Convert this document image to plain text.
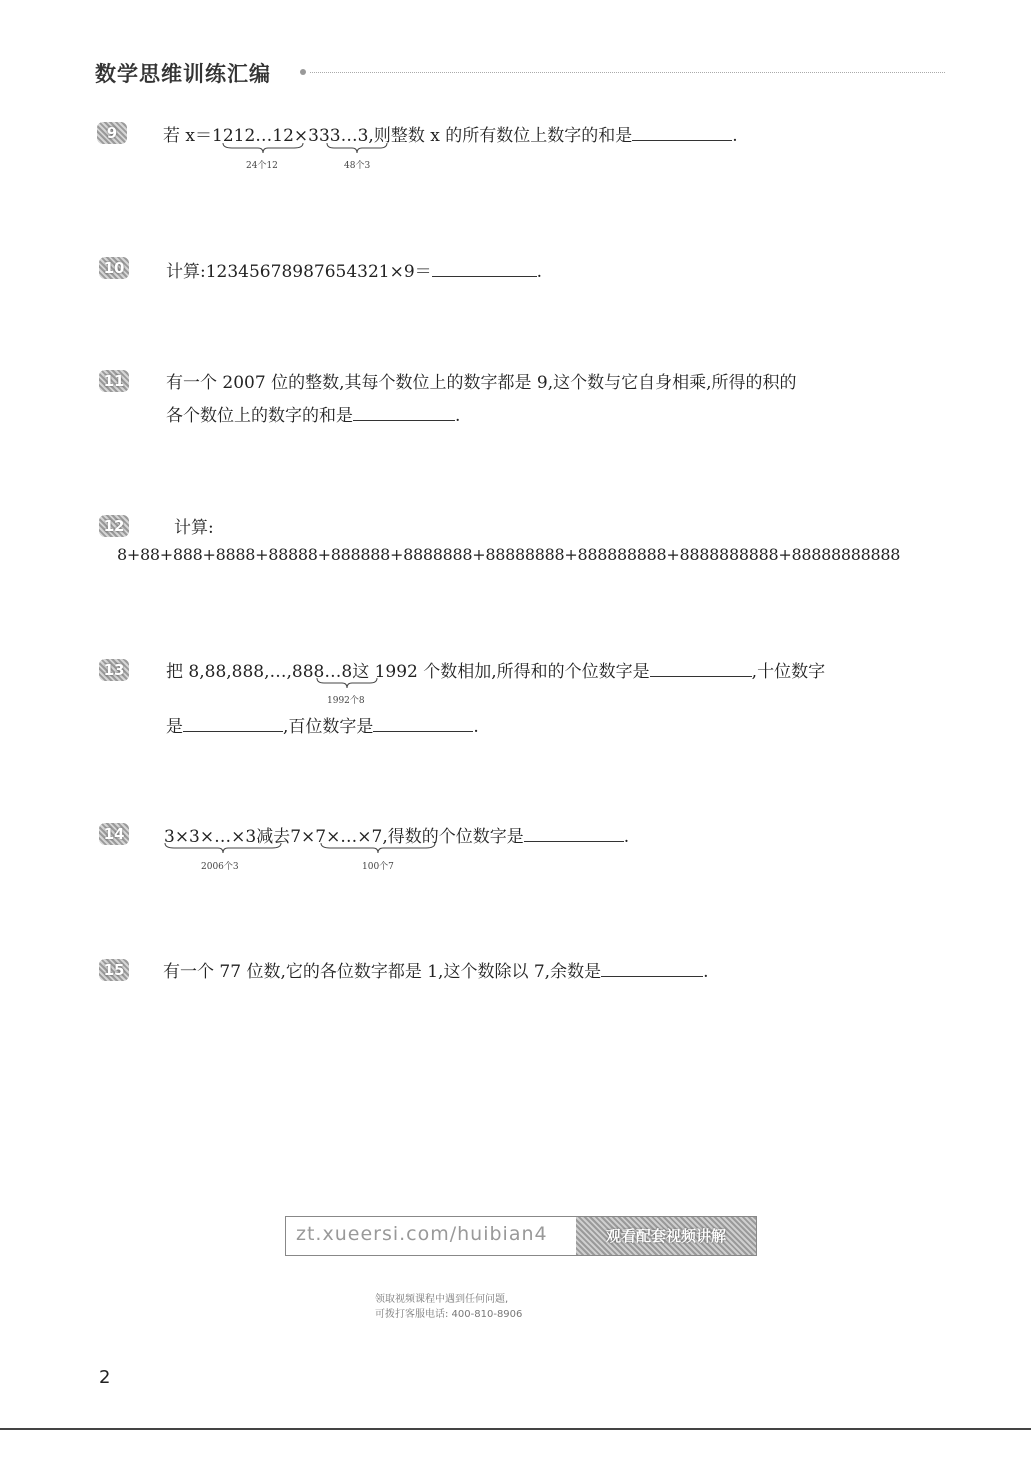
数学思维训练汇编
9	若 x＝1212…12×333…3,则整数 x 的所有数位上数字的和是	.
24个12	48个3
10 计算:12345678987654321×9＝	.
11 有一个 2007 位的整数,其每个数位上的数字都是 9,这个数与它自身相乘,所得的积的
各个数位上的数字的和是	.
12	计算:
8+88+888+8888+88888+888888+8888888+88888888+888888888+8888888888+88888888888
13 把 8,88,888,…,888…8这 1992 个数相加,所得和的个位数字是	,十位数字
1992个8
是	,百位数字是	.
14 3×3×…×3减去7×7×…×7,得数的个位数字是	.
2006个3	100个7
15 有一个 77 位数,它的各位数字都是 1,这个数除以 7,余数是	.
zt.xueersi.com/huibian4	观看配套视频讲解
领取视频课程中遇到任何问题,
可拨打客服电话: 400-810-8906
2
